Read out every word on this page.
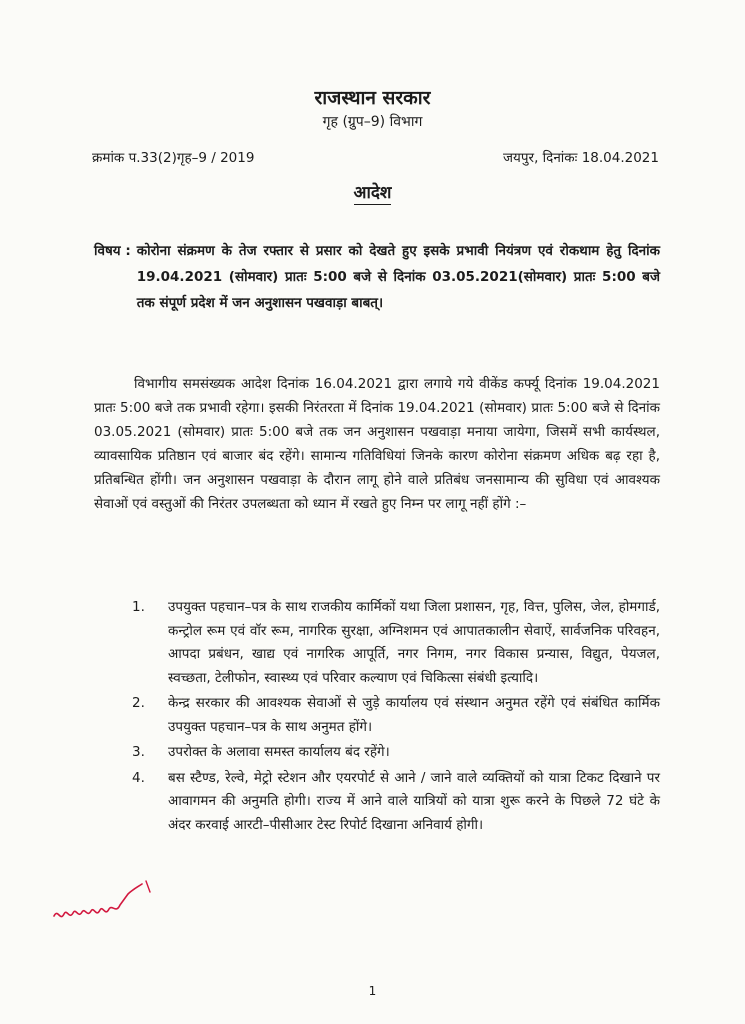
राजस्थान सरकार
गृह (ग्रुप–9) विभाग
क्रमांक प.33(2)गृह–9 / 2019	जयपुर, दिनांकः 18.04.2021
आदेश
विषय : कोरोना संक्रमण के तेज रफ्तार से प्रसार को देखते हुए इसके प्रभावी नियंत्रण एवं रोकथाम हेतु दिनांक 19.04.2021 (सोमवार) प्रातः 5:00 बजे से दिनांक 03.05.2021(सोमवार) प्रातः 5:00 बजे तक संपूर्ण प्रदेश में जन अनुशासन पखवाड़ा बाबत्।
विभागीय समसंख्यक आदेश दिनांक 16.04.2021 द्वारा लगाये गये वीकेंड कर्फ्यू दिनांक 19.04.2021 प्रातः 5:00 बजे तक प्रभावी रहेगा। इसकी निरंतरता में दिनांक 19.04.2021 (सोमवार) प्रातः 5:00 बजे से दिनांक 03.05.2021 (सोमवार) प्रातः 5:00 बजे तक जन अनुशासन पखवाड़ा मनाया जायेगा, जिसमें सभी कार्यस्थल, व्यावसायिक प्रतिष्ठान एवं बाजार बंद रहेंगे। सामान्य गतिविधियां जिनके कारण कोरोना संक्रमण अधिक बढ़ रहा है, प्रतिबन्धित होंगी। जन अनुशासन पखवाड़ा के दौरान लागू होने वाले प्रतिबंध जनसामान्य की सुविधा एवं आवश्यक सेवाओं एवं वस्तुओं की निरंतर उपलब्धता को ध्यान में रखते हुए निम्न पर लागू नहीं होंगे :–
1.	उपयुक्त पहचान–पत्र के साथ राजकीय कार्मिकों यथा जिला प्रशासन, गृह, वित्त, पुलिस, जेल, होमगार्ड, कन्ट्रोल रूम एवं वॉर रूम, नागरिक सुरक्षा, अग्निशमन एवं आपातकालीन सेवाऐं, सार्वजनिक परिवहन, आपदा प्रबंधन, खाद्य एवं नागरिक आपूर्ति, नगर निगम, नगर विकास प्रन्यास, विद्युत, पेयजल, स्वच्छता, टेलीफोन, स्वास्थ्य एवं परिवार कल्याण एवं चिकित्सा संबंधी इत्यादि।
2.	केन्द्र सरकार की आवश्यक सेवाओं से जुड़े कार्यालय एवं संस्थान अनुमत रहेंगे एवं संबंधित कार्मिक उपयुक्त पहचान–पत्र के साथ अनुमत होंगे।
3.	उपरोक्त के अलावा समस्त कार्यालय बंद रहेंगे।
4.	बस स्टैण्ड, रेल्वे, मेट्रो स्टेशन और एयरपोर्ट से आने / जाने वाले व्यक्तियों को यात्रा टिकट दिखाने पर आवागमन की अनुमति होगी। राज्य में आने वाले यात्रियों को यात्रा शुरू करने के पिछले 72 घंटे के अंदर करवाई आरटी–पीसीआर टेस्ट रिपोर्ट दिखाना अनिवार्य होगी।
1
